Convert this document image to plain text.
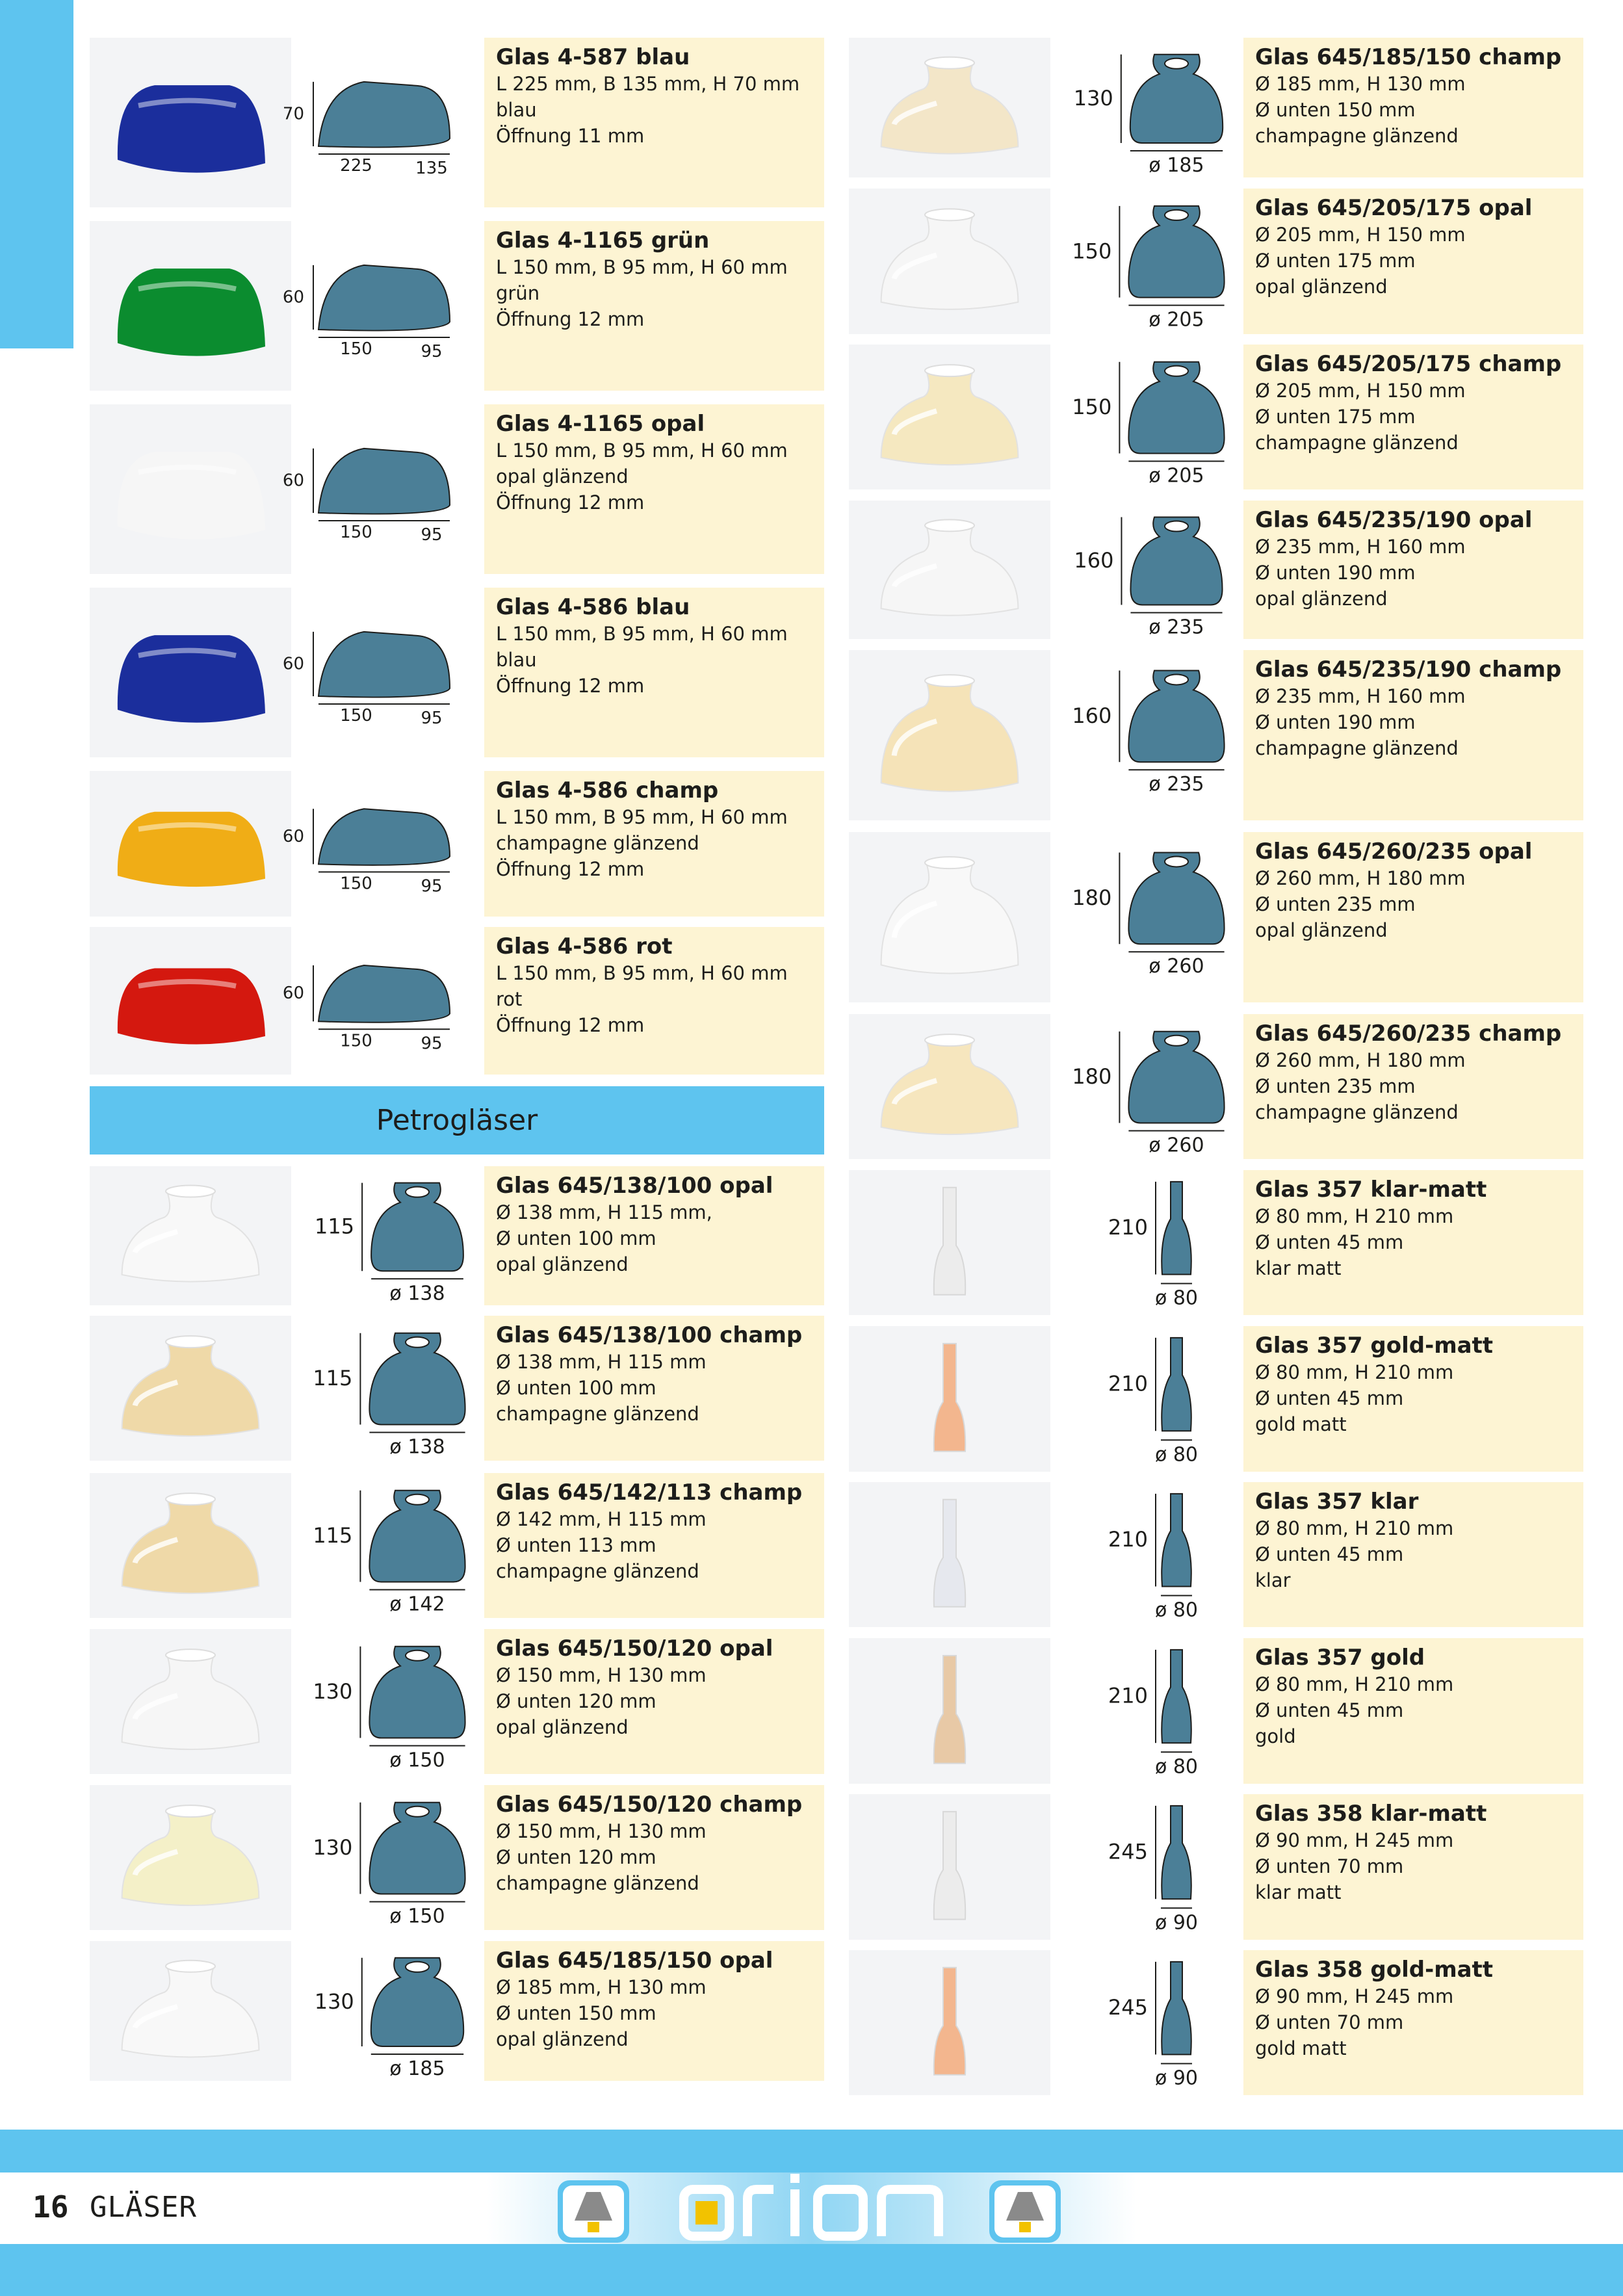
70
225	135
Glas 4-587 blau
L 225 mm, B 135 mm, H 70 mm
blau
Öffnung 11 mm
60
150	95
Glas 4-1165 grün
L 150 mm, B 95 mm, H 60 mm
grün
Öffnung 12 mm
60
150	95
Glas 4-1165 opal
L 150 mm, B 95 mm, H 60 mm
opal glänzend
Öffnung 12 mm
60
150	95
Glas 4-586 blau
L 150 mm, B 95 mm, H 60 mm
blau
Öffnung 12 mm
60
150	95
Glas 4-586 champ
L 150 mm, B 95 mm, H 60 mm
champagne glänzend
Öffnung 12 mm
60
150	95
Glas 4-586 rot
L 150 mm, B 95 mm, H 60 mm
rot
Öffnung 12 mm
115
ø 138
Glas 645/138/100 opal
Ø 138 mm, H 115 mm,
Ø unten 100 mm
opal glänzend
115
ø 138
Glas 645/138/100 champ
Ø 138 mm, H 115 mm
Ø unten 100 mm
champagne glänzend
115
ø 142
Glas 645/142/113 champ
Ø 142 mm, H 115 mm
Ø unten 113 mm
champagne glänzend
130
ø 150
Glas 645/150/120 opal
Ø 150 mm, H 130 mm
Ø unten 120 mm
opal glänzend
130
ø 150
Glas 645/150/120 champ
Ø 150 mm, H 130 mm
Ø unten 120 mm
champagne glänzend
130
ø 185
Glas 645/185/150 opal
Ø 185 mm, H 130 mm
Ø unten 150 mm
opal glänzend
Petrogläser
130
ø 185
Glas 645/185/150 champ
Ø 185 mm, H 130 mm
Ø unten 150 mm
champagne glänzend
150
ø 205
Glas 645/205/175 opal
Ø 205 mm, H 150 mm
Ø unten 175 mm
opal glänzend
150
ø 205
Glas 645/205/175 champ
Ø 205 mm, H 150 mm
Ø unten 175 mm
champagne glänzend
160
ø 235
Glas 645/235/190 opal
Ø 235 mm, H 160 mm
Ø unten 190 mm
opal glänzend
160
ø 235
Glas 645/235/190 champ
Ø 235 mm, H 160 mm
Ø unten 190 mm
champagne glänzend
180
ø 260
Glas 645/260/235 opal
Ø 260 mm, H 180 mm
Ø unten 235 mm
opal glänzend
180
ø 260
Glas 645/260/235 champ
Ø 260 mm, H 180 mm
Ø unten 235 mm
champagne glänzend
210
ø 80
Glas 357 klar-matt
Ø 80 mm, H 210 mm
Ø unten 45 mm
klar matt
210
ø 80
Glas 357 gold-matt
Ø 80 mm, H 210 mm
Ø unten 45 mm
gold matt
210
ø 80
Glas 357 klar
Ø 80 mm, H 210 mm
Ø unten 45 mm
klar
210
ø 80
Glas 357 gold
Ø 80 mm, H 210 mm
Ø unten 45 mm
gold
245
ø 90
Glas 358 klar-matt
Ø 90 mm, H 245 mm
Ø unten 70 mm
klar matt
245
ø 90
Glas 358 gold-matt
Ø 90 mm, H 245 mm
Ø unten 70 mm
gold matt
16 GLÄSER
orion
